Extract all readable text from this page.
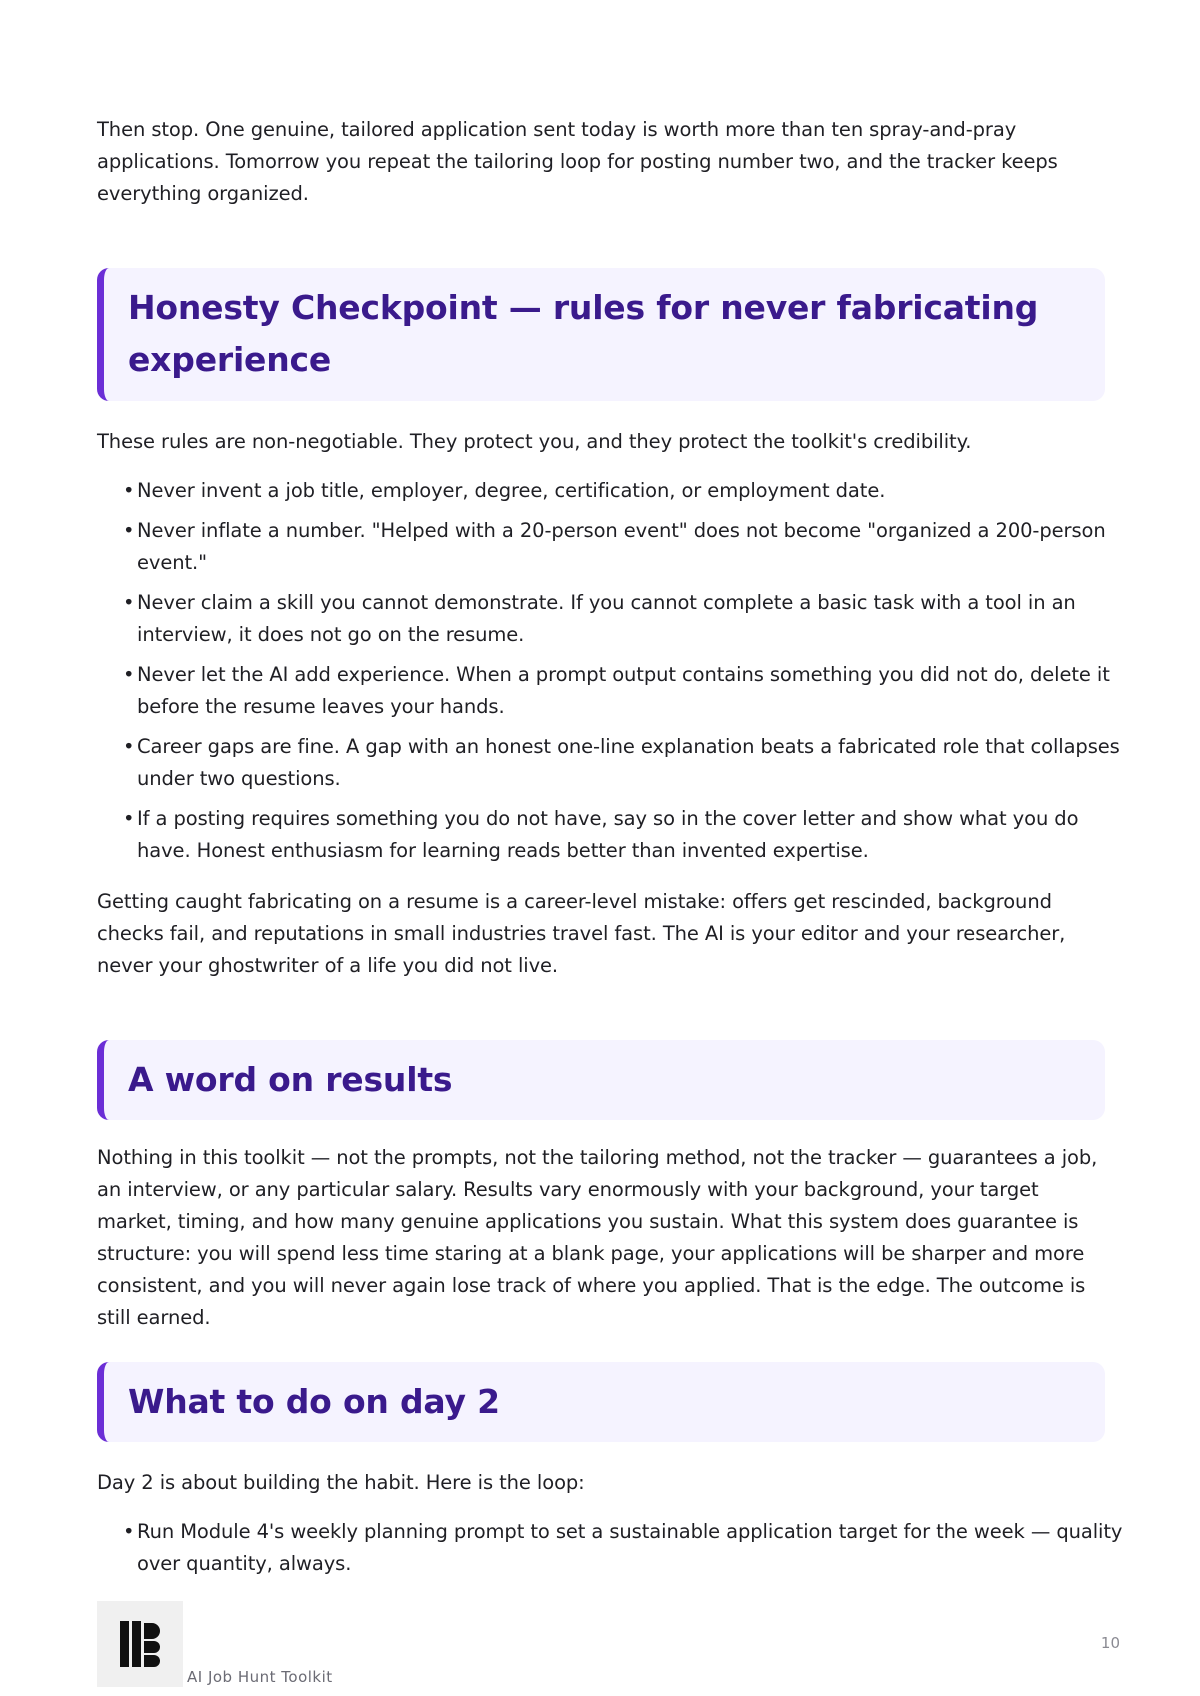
Then stop. One genuine, tailored application sent today is worth more than ten spray-and-pray applications. Tomorrow you repeat the tailoring loop for posting number two, and the tracker keeps everything organized.

Honesty Checkpoint — rules for never fabricating experience

These rules are non-negotiable. They protect you, and they protect the toolkit's credibility.

• Never invent a job title, employer, degree, certification, or employment date.
• Never inflate a number. "Helped with a 20-person event" does not become "organized a 200-person event."
• Never claim a skill you cannot demonstrate. If you cannot complete a basic task with a tool in an interview, it does not go on the resume.
• Never let the AI add experience. When a prompt output contains something you did not do, delete it before the resume leaves your hands.
• Career gaps are fine. A gap with an honest one-line explanation beats a fabricated role that collapses under two questions.
• If a posting requires something you do not have, say so in the cover letter and show what you do have. Honest enthusiasm for learning reads better than invented expertise.

Getting caught fabricating on a resume is a career-level mistake: offers get rescinded, background checks fail, and reputations in small industries travel fast. The AI is your editor and your researcher, never your ghostwriter of a life you did not live.

A word on results

Nothing in this toolkit — not the prompts, not the tailoring method, not the tracker — guarantees a job, an interview, or any particular salary. Results vary enormously with your background, your target market, timing, and how many genuine applications you sustain. What this system does guarantee is structure: you will spend less time staring at a blank page, your applications will be sharper and more consistent, and you will never again lose track of where you applied. That is the edge. The outcome is still earned.

What to do on day 2

Day 2 is about building the habit. Here is the loop:

• Run Module 4's weekly planning prompt to set a sustainable application target for the week — quality over quantity, always.
AI Job Hunt Toolkit
10
